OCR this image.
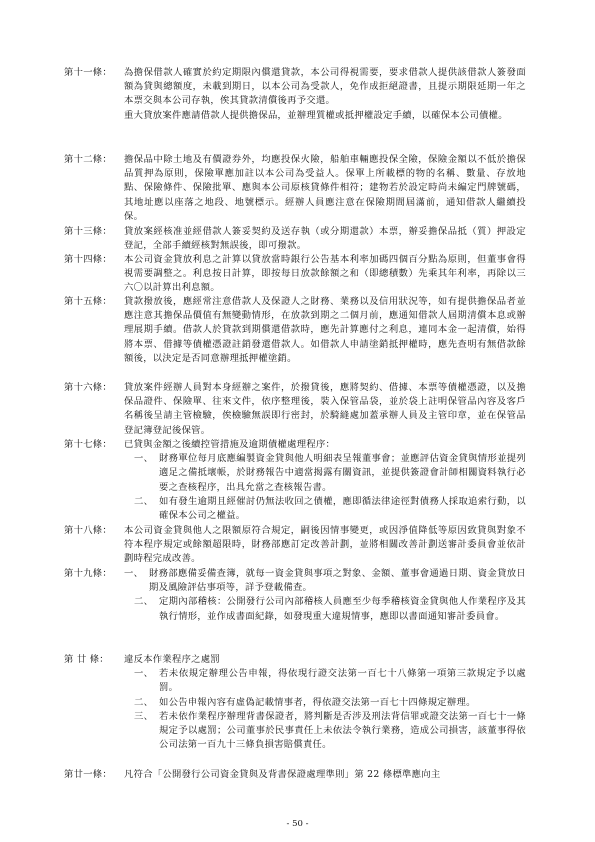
第十一條： 為擔保借款人確實於約定期限內償還貸款，本公司得視需要，要求借款人提供該借款人簽發面額為貸與總額度，未載到期日，以本公司為受款人，免作成拒絕證書，且提示期限延期一年之本票交與本公司存執，俟其貸款清償後再予交還。
重大貸放案件應請借款人提供擔保品，並辦理質權或抵押權設定手續，以確保本公司債權。
第十二條： 擔保品中除土地及有價證券外，均應投保火險，船舶車輛應投保全險，保險金額以不低於擔保品質押為原則，保險單應加註以本公司為受益人。保單上所載標的物的名稱、數量、存放地點、保險條件、保險批單、應與本公司原核貸條件相符；建物若於設定時尚未編定門牌號碼，其地址應以座落之地段、地號標示。經辦人員應注意在保險期間屆滿前，通知借款人繼續投保。
第十三條： 貸放案經核准並經借款人簽妥契約及送存執（或分期還款）本票，辦妥擔保品抵（質）押設定登記，全部手續經核對無誤後，即可撥款。
第十四條： 本公司資金貸放利息之計算以貸放當時銀行公告基本利率加碼四個百分點為原則，但董事會得視需要調整之。利息按日計算，即按每日放款餘額之和（即總積數）先乘其年利率，再除以三六〇以計算出利息額。
第十五條： 貸款撥放後，應經常注意借款人及保證人之財務、業務以及信用狀況等，如有提供擔保品者並應注意其擔保品價值有無變動情形，在放款到期之二個月前，應通知借款人屆期清償本息或辦理展期手續。借款人於貸款到期償還借款時，應先計算應付之利息，連同本金一起清償，始得將本票、借據等債權憑證註銷發還借款人。如借款人申請塗銷抵押權時，應先查明有無借款餘額後，以決定是否同意辦理抵押權塗銷。
第十六條： 貸放案件經辦人員對本身經辦之案件，於撥貸後，應將契約、借據、本票等債權憑證，以及擔保品證件、保險單、往來文件，依序整理後，裝入保管品袋，並於袋上註明保管品內容及客戶名稱後呈請主管檢驗，俟檢驗無誤即行密封，於騎縫處加蓋承辦人員及主管印章，並在保管品登記簿登記後保管。
第十七條： 已貸與金額之後續控管措施及逾期債權處理程序：
一、 財務單位每月底應編製資金貸與他人明細表呈報董事會；並應評估資金貸與情形並提列適足之備抵壞帳，於財務報告中適當揭露有關資訊，並提供簽證會計師相關資料執行必要之查核程序，出具允當之查核報告書。
二、 如有發生逾期且經催討仍無法收回之債權，應即循法律途徑對債務人採取追索行動，以確保本公司之權益。
第十八條： 本公司資金貸與他人之限額原符合規定，嗣後因情事變更，或因淨值降低等原因致貸與對象不符本程序規定或餘額超限時，財務部應訂定改善計劃，並將相關改善計劃送審計委員會並依計劃時程完成改善。
第十九條： 一、 財務部應備妥備查簿，就每一資金貸與事項之對象、金額、董事會通過日期、資金貸放日期及風險評估事項等，詳予登載備查。
二、 定期內部稽核：公開發行公司內部稽核人員應至少每季稽核資金貸與他人作業程序及其執行情形，並作成書面紀錄，如發現重大違規情事，應即以書面通知審計委員會。
第 廿 條： 違反本作業程序之處罰
一、 若未依規定辦理公告申報，得依現行證交法第一百七十八條第一項第三款規定予以處罰。
二、 如公告申報內容有虛偽記載情事者，得依證交法第一百七十四條規定辦理。
三、 若未依作業程序辦理背書保證者，將判斷是否涉及刑法背信罪或證交法第一百七十一條規定予以處罰；公司董事於民事責任上未依法令執行業務，造成公司損害，該董事得依公司法第一百九十三條負損害賠償責任。
第廿一條： 凡符合「公開發行公司資金貸與及背書保證處理準則」第 22 條標準應向主
- 50 -
